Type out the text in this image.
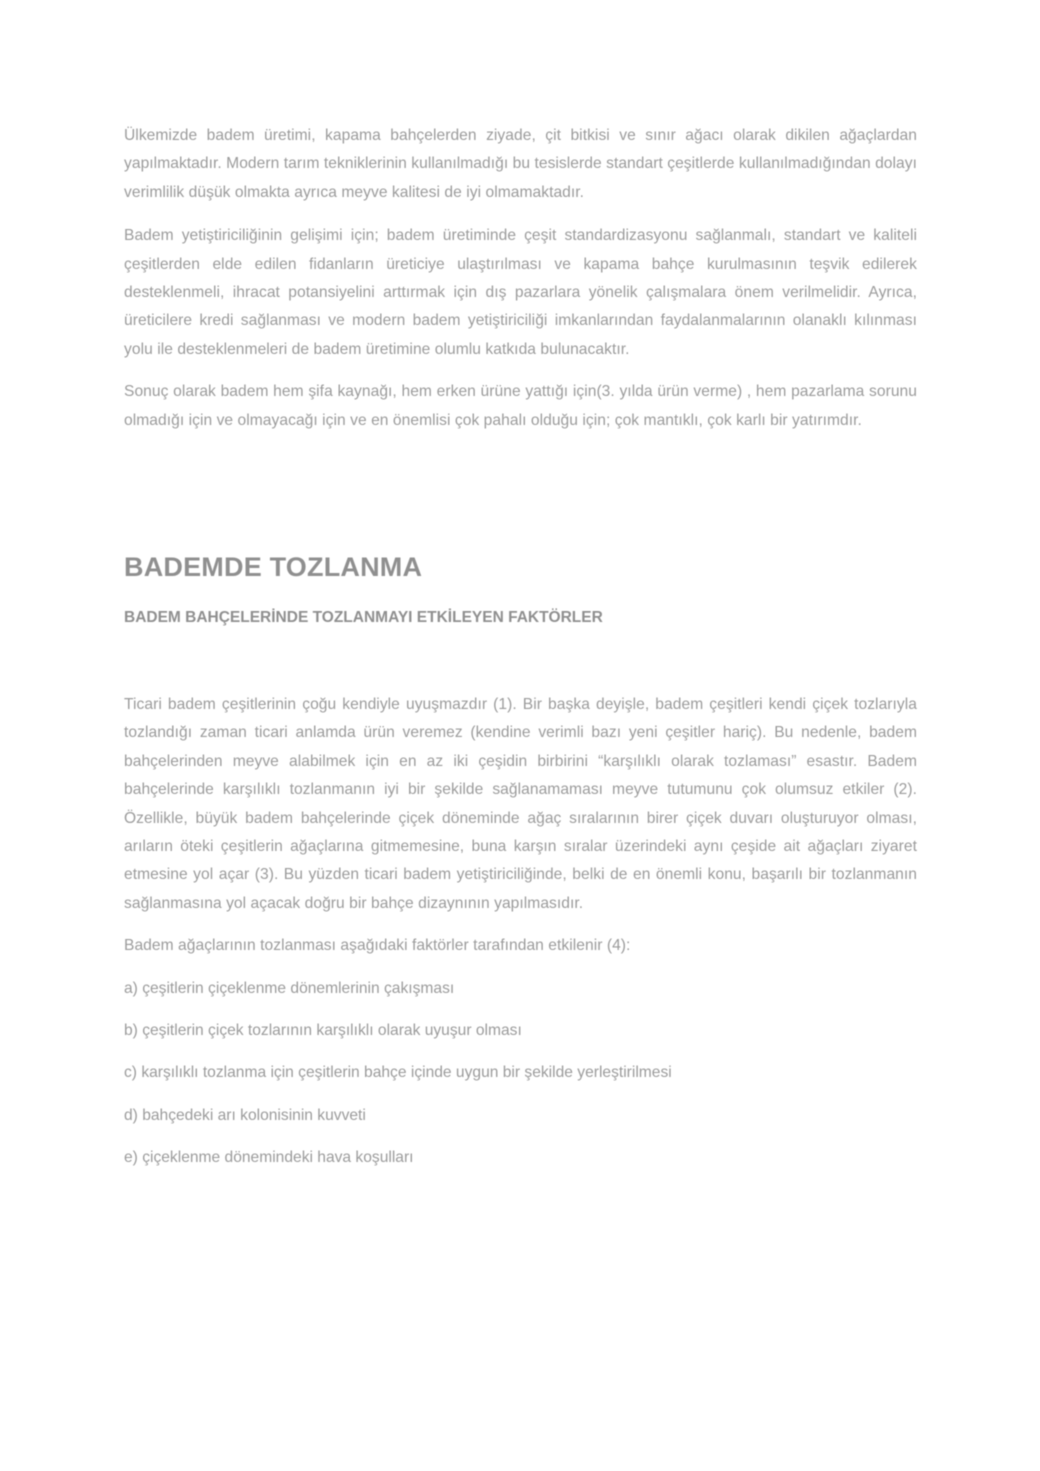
Ülkemizde badem üretimi, kapama bahçelerden ziyade, çit bitkisi ve sınır ağacı olarak dikilen ağaçlardan yapılmaktadır. Modern tarım tekniklerinin kullanılmadığı bu tesislerde standart çeşitlerde kullanılmadığından dolayı verimlilik düşük olmakta ayrıca meyve kalitesi de iyi olmamaktadır.

Badem yetiştiriciliğinin gelişimi için; badem üretiminde çeşit standardizasyonu sağlanmalı, standart ve kaliteli çeşitlerden elde edilen fidanların üreticiye ulaştırılması ve kapama bahçe kurulmasının teşvik edilerek desteklenmeli, ihracat potansiyelini arttırmak için dış pazarlara yönelik çalışmalara önem verilmelidir. Ayrıca, üreticilere kredi sağlanması ve modern badem yetiştiriciliği imkanlarından faydalanmalarının olanaklı kılınması yolu ile desteklenmeleri de badem üretimine olumlu katkıda bulunacaktır.

Sonuç olarak badem hem şifa kaynağı, hem erken ürüne yattığı için(3. yılda ürün verme) , hem pazarlama sorunu olmadığı için ve olmayacağı için ve en önemlisi çok pahalı olduğu için; çok mantıklı, çok karlı bir yatırımdır.

BADEMDE TOZLANMA
BADEM BAHÇELERİNDE TOZLANMAYI ETKİLEYEN FAKTÖRLER

Ticari badem çeşitlerinin çoğu kendiyle uyuşmazdır (1). Bir başka deyişle, badem çeşitleri kendi çiçek tozlarıyla tozlandığı zaman ticari anlamda ürün veremez (kendine verimli bazı yeni çeşitler hariç). Bu nedenle, badem bahçelerinden meyve alabilmek için en az iki çeşidin birbirini “karşılıklı olarak tozlaması” esastır. Badem bahçelerinde karşılıklı tozlanmanın iyi bir şekilde sağlanamaması meyve tutumunu çok olumsuz etkiler (2). Özellikle, büyük badem bahçelerinde çiçek döneminde ağaç sıralarının birer çiçek duvarı oluşturuyor olması, arıların öteki çeşitlerin ağaçlarına gitmemesine, buna karşın sıralar üzerindeki aynı çeşide ait ağaçları ziyaret etmesine yol açar (3). Bu yüzden ticari badem yetiştiriciliğinde, belki de en önemli konu, başarılı bir tozlanmanın sağlanmasına yol açacak doğru bir bahçe dizaynının yapılmasıdır.

Badem ağaçlarının tozlanması aşağıdaki faktörler tarafından etkilenir (4):

a) çeşitlerin çiçeklenme dönemlerinin çakışması

b) çeşitlerin çiçek tozlarının karşılıklı olarak uyuşur olması

c) karşılıklı tozlanma için çeşitlerin bahçe içinde uygun bir şekilde yerleştirilmesi

d) bahçedeki arı kolonisinin kuvveti

e) çiçeklenme dönemindeki hava koşulları
